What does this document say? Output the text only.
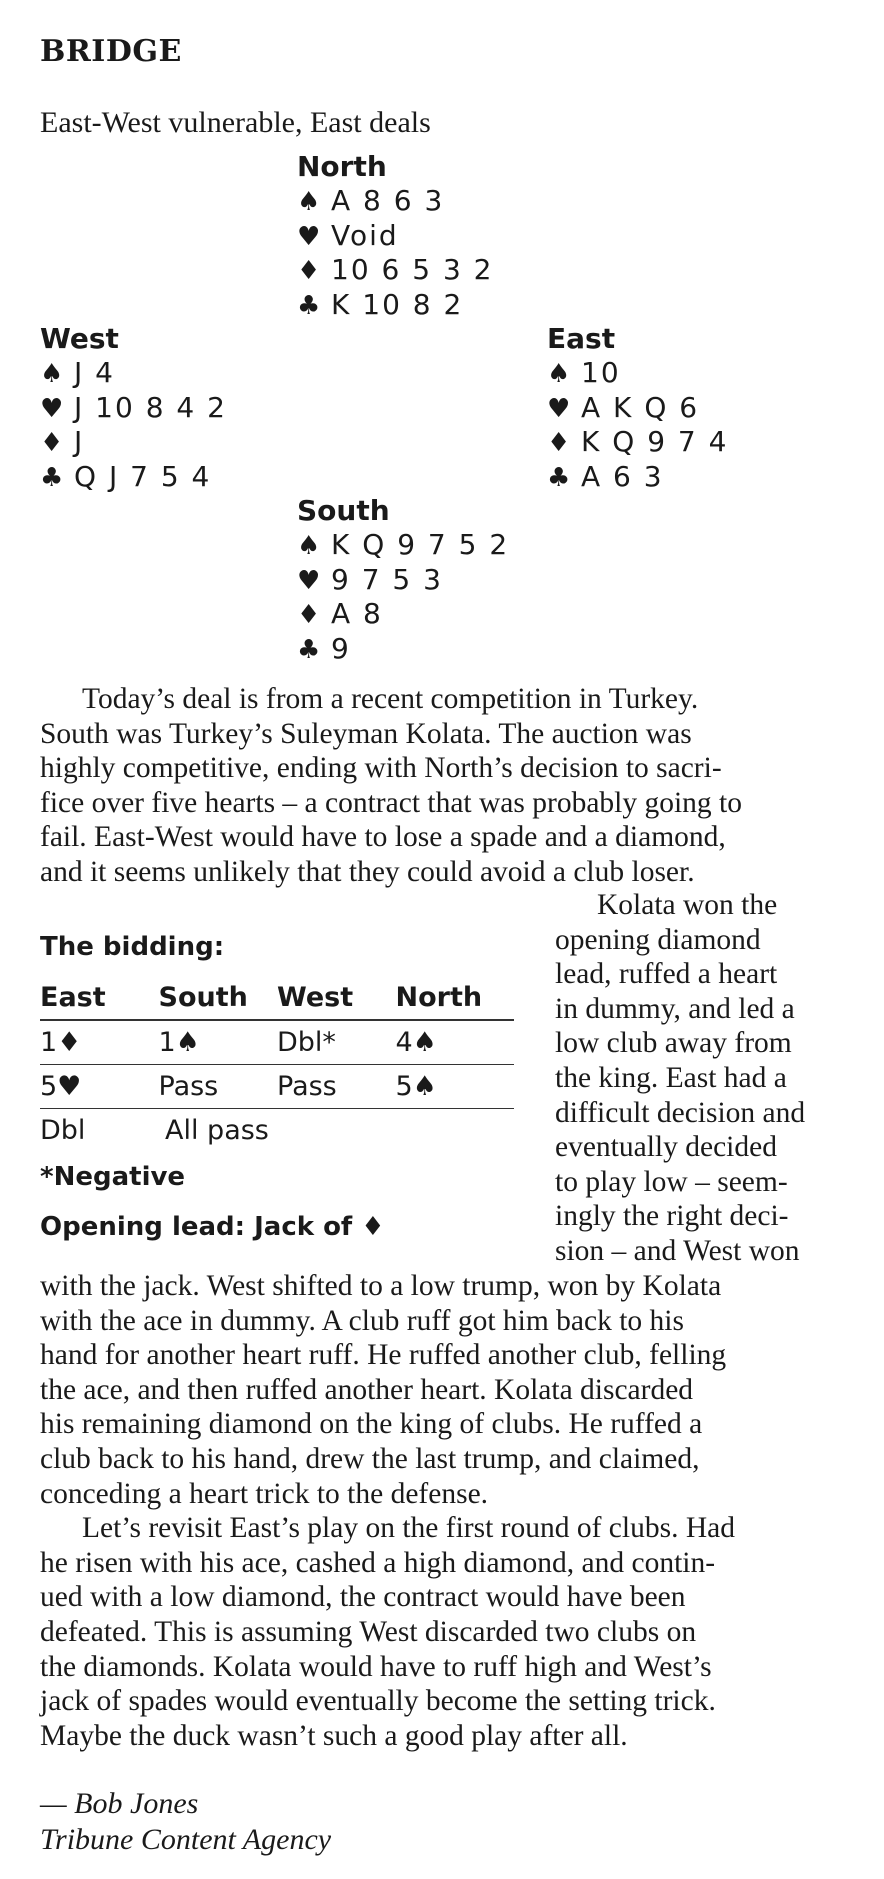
BRIDGE
East-West vulnerable, East deals
North
♠ A 8 6 3
♥ Void
♦ 10 6 5 3 2
♣ K 10 8 2
West
♠ J 4
♥ J 10 8 4 2
♦ J
♣ Q J 7 5 4
East
♠ 10
♥ A K Q 6
♦ K Q 9 7 4
♣ A 6 3
South
♠ K Q 9 7 5 2
♥ 9 7 5 3
♦ A 8
♣ 9
Today’s deal is from a recent competition in Turkey.
South was Turkey’s Suleyman Kolata. The auction was
highly competitive, ending with North’s decision to sacri-
fice over five hearts – a contract that was probably going to
fail. East-West would have to lose a spade and a diamond,
and it seems unlikely that they could avoid a club loser.
The bidding:
East	South	West	North
1♦	1♠	Dbl*	4♠
5♥	Pass	Pass	5♠
Dbl	All pass
*Negative
Opening lead: Jack of ♦
Kolata won the
opening diamond
lead, ruffed a heart
in dummy, and led a
low club away from
the king. East had a
difficult decision and
eventually decided
to play low – seem-
ingly the right deci-
sion – and West won
with the jack. West shifted to a low trump, won by Kolata
with the ace in dummy. A club ruff got him back to his
hand for another heart ruff. He ruffed another club, felling
the ace, and then ruffed another heart. Kolata discarded
his remaining diamond on the king of clubs. He ruffed a
club back to his hand, drew the last trump, and claimed,
conceding a heart trick to the defense.
Let’s revisit East’s play on the first round of clubs. Had
he risen with his ace, cashed a high diamond, and contin-
ued with a low diamond, the contract would have been
defeated. This is assuming West discarded two clubs on
the diamonds. Kolata would have to ruff high and West’s
jack of spades would eventually become the setting trick.
Maybe the duck wasn’t such a good play after all.
— Bob Jones
Tribune Content Agency
